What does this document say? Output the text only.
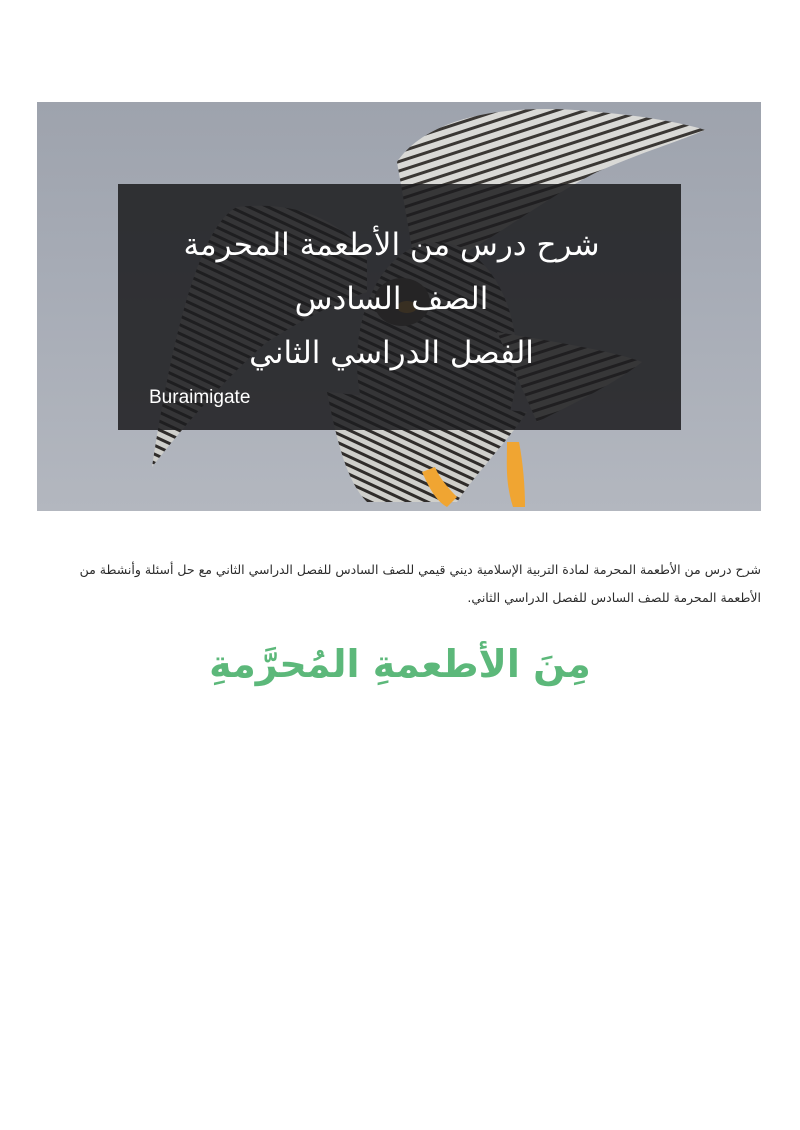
شرح درس من الأطعمة المحرمة
الصف السادس
الفصل الدراسي الثاني
Buraimigate

شرح درس من الأطعمة المحرمة لمادة التربية الإسلامية ديني قيمي للصف السادس للفصل الدراسي الثاني مع حل أسئلة وأنشطة من الأطعمة المحرمة للصف السادس للفصل الدراسي الثاني.

مِنَ الأطعمةِ المُحرَّمةِ
